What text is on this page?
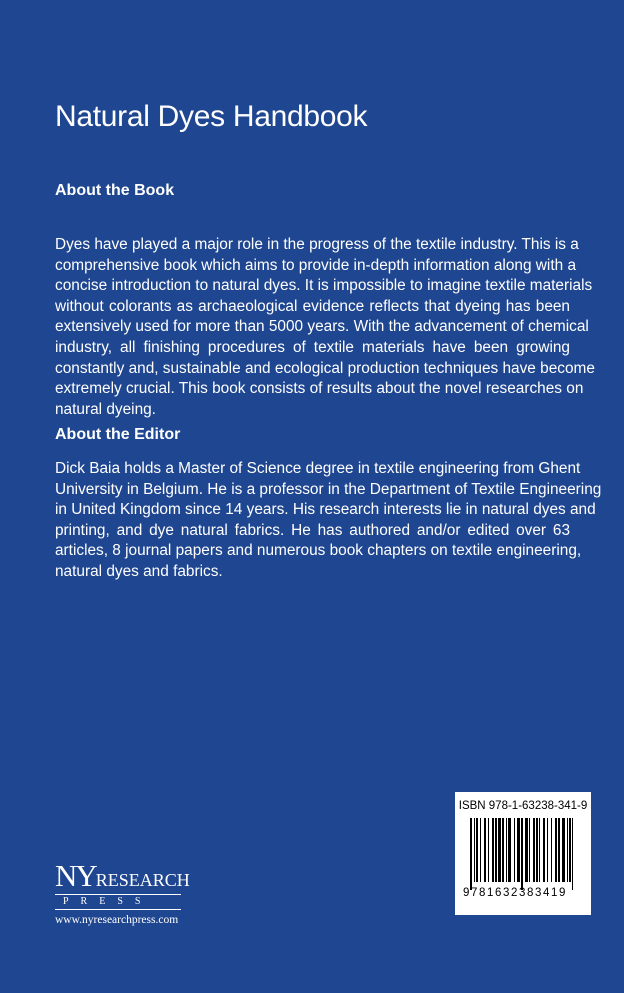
Natural Dyes Handbook
About the Book
Dyes have played a major role in the progress of the textile industry. This is a
comprehensive book which aims to provide in-depth information along with a
concise introduction to natural dyes. It is impossible to imagine textile materials
without colorants as archaeological evidence reflects that dyeing has been
extensively used for more than 5000 years. With the advancement of chemical
industry, all finishing procedures of textile materials have been growing
constantly and, sustainable and ecological production techniques have become
extremely crucial. This book consists of results about the novel researches on
natural dyeing.
About the Editor
Dick Baia holds a Master of Science degree in textile engineering from Ghent
University in Belgium. He is a professor in the Department of Textile Engineering
in United Kingdom since 14 years. His research interests lie in natural dyes and
printing, and dye natural fabrics. He has authored and/or edited over 63
articles, 8 journal papers and numerous book chapters on textile engineering,
natural dyes and fabrics.
NYRESEARCH
PRESS
www.nyresearchpress.com
ISBN 978-1-63238-341-9
9781632383419
